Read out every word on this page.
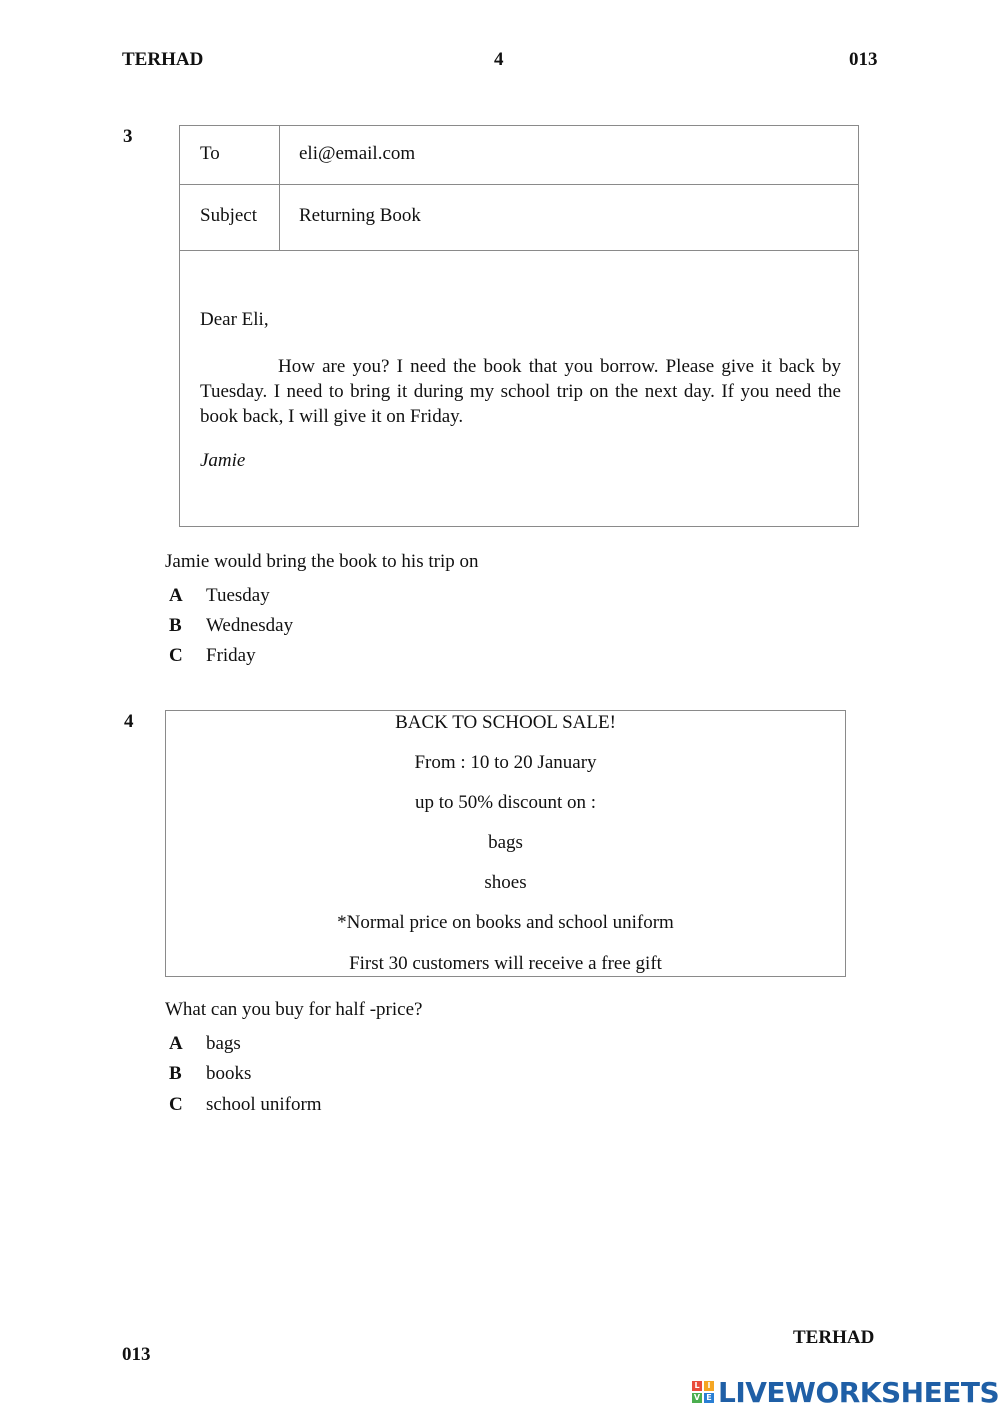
TERHAD	4	013
3
To	eli@email.com
Subject Returning Book
Dear Eli,
How are you? I need the book that you borrow. Please give it back by Tuesday. I need to bring it during my school trip on the next day. If you need the book back, I will give it on Friday.
Jamie
Jamie would bring the book to his trip on
A Tuesday
B Wednesday
C Friday
4	BACK TO SCHOOL SALE!
From : 10 to 20 January
up to 50% discount on :
bags
shoes
*Normal price on books and school uniform
First 30 customers will receive a free gift
What can you buy for half -price?
A bags
B books
C school uniform
TERHAD
013
L I
V E LIVEWORKSHEETS
